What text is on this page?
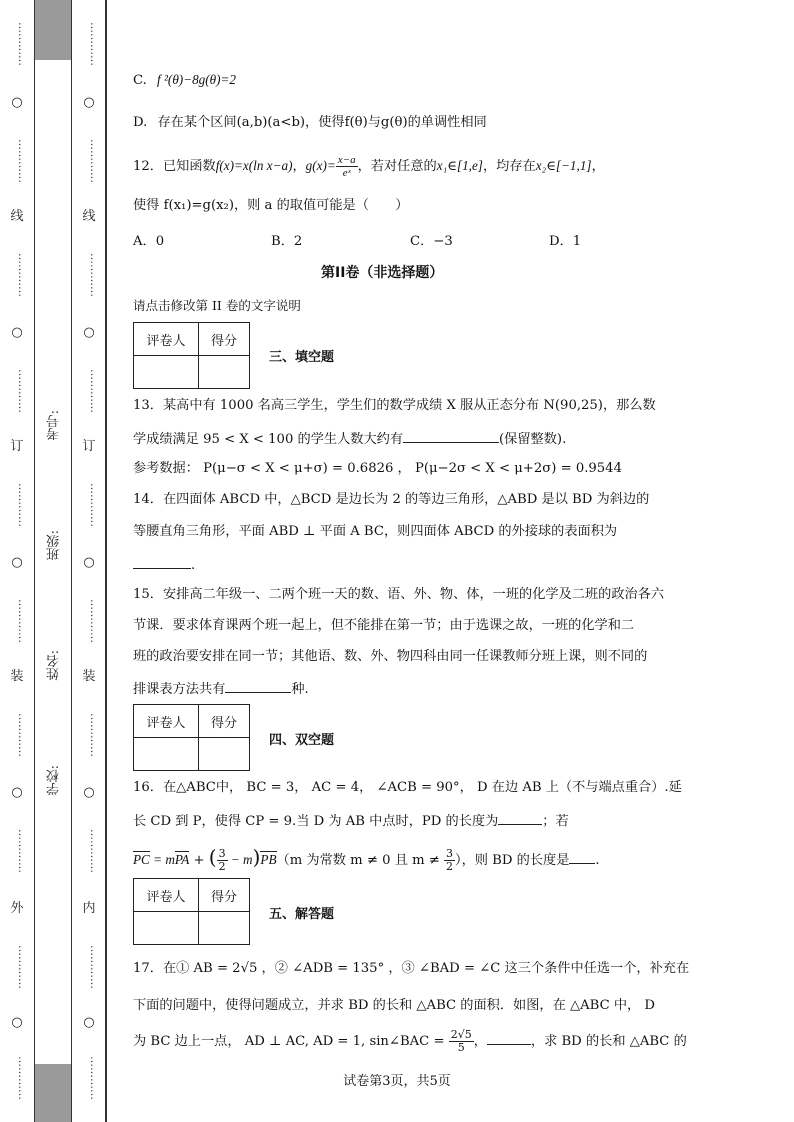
…………
○
…………
线
…………
○
…………
订
…………
○
…………
装
…………
○
…………
外
…………
○
…………
考号:
班级:
姓名:
学校:
…………
○
…………
线
…………
○
…………
订
…………
○
…………
装
…………
○
…………
内
…………
○
…………
C. f ²(θ)−8g(θ)=2
D. 存在某个区间(a,b)(a<b)，使得f(θ)与g(θ)的单调性相同
12．已知函数f(x)=x(ln x−a)，$g(x)= \frac{x-a}{\text{eˣ}}$ ，若对任意的x₁∈[1,e]，均存在x₂∈[−1,1]，
使得 f(x₁)=g(x₂)，则 a 的取值可能是（　　）
A．0	B．2	C．−3	D．1
第II卷（非选择题）
请点击修改第 II 卷的文字说明
评卷人	得分

三、填空题
13．某高中有 1000 名高三学生，学生们的数学成绩 X 服从正态分布 N(90,25)，那么数
学成绩满足 95 < X < 100 的学生人数大约有	(保留整数).
参考数据： P(μ−σ < X < μ+σ) = 0.6826 ， P(μ−2σ < X < μ+2σ) = 0.9544
14．在四面体 ABCD 中，△BCD 是边长为 2 的等边三角形，△ABD 是以 BD 为斜边的
等腰直角三角形，平面 ABD ⊥ 平面 A BC，则四面体 ABCD 的外接球的表面积为
.
15．安排高二年级一、二两个班一天的数、语、外、物、体，一班的化学及二班的政治各六
节课．要求体育课两个班一起上，但不能排在第一节；由于选课之故，一班的化学和二
班的政治要安排在同一节；其他语、数、外、物四科由同一任课教师分班上课，则不同的
排课表方法共有	种.
评卷人	得分

四、双空题
16．在△ABC中， BC = 3， AC = 4， ∠ACB = 90°， D 在边 AB 上（不与端点重合）.延
长 CD 到 P，使得 CP = 9.当 D 为 AB 中点时，PD 的长度为	；若
PC = mPA + ( $\frac{3}{2} - m)PB(m$ 为常数 m ≠ 0 且 $m \ne \frac{3}{2}$ ），则 BD 的长度是 .
评卷人	得分

五、解答题
17．在① AB = 2√5 ，② ∠ADB = 135° ，③ ∠BAD = ∠C 这三个条件中任选一个，补充在
下面的问题中，使得问题成立，并求 BD 的长和 △ABC 的面积．如图，在 △ABC 中， D
为 BC 边上一点， AD ⊥ AC, AD = 1, sin∠BAC = $\frac{2√5}{5}$ ，	，求 BD 的长和 △ABC 的
试卷第3页，共5页
